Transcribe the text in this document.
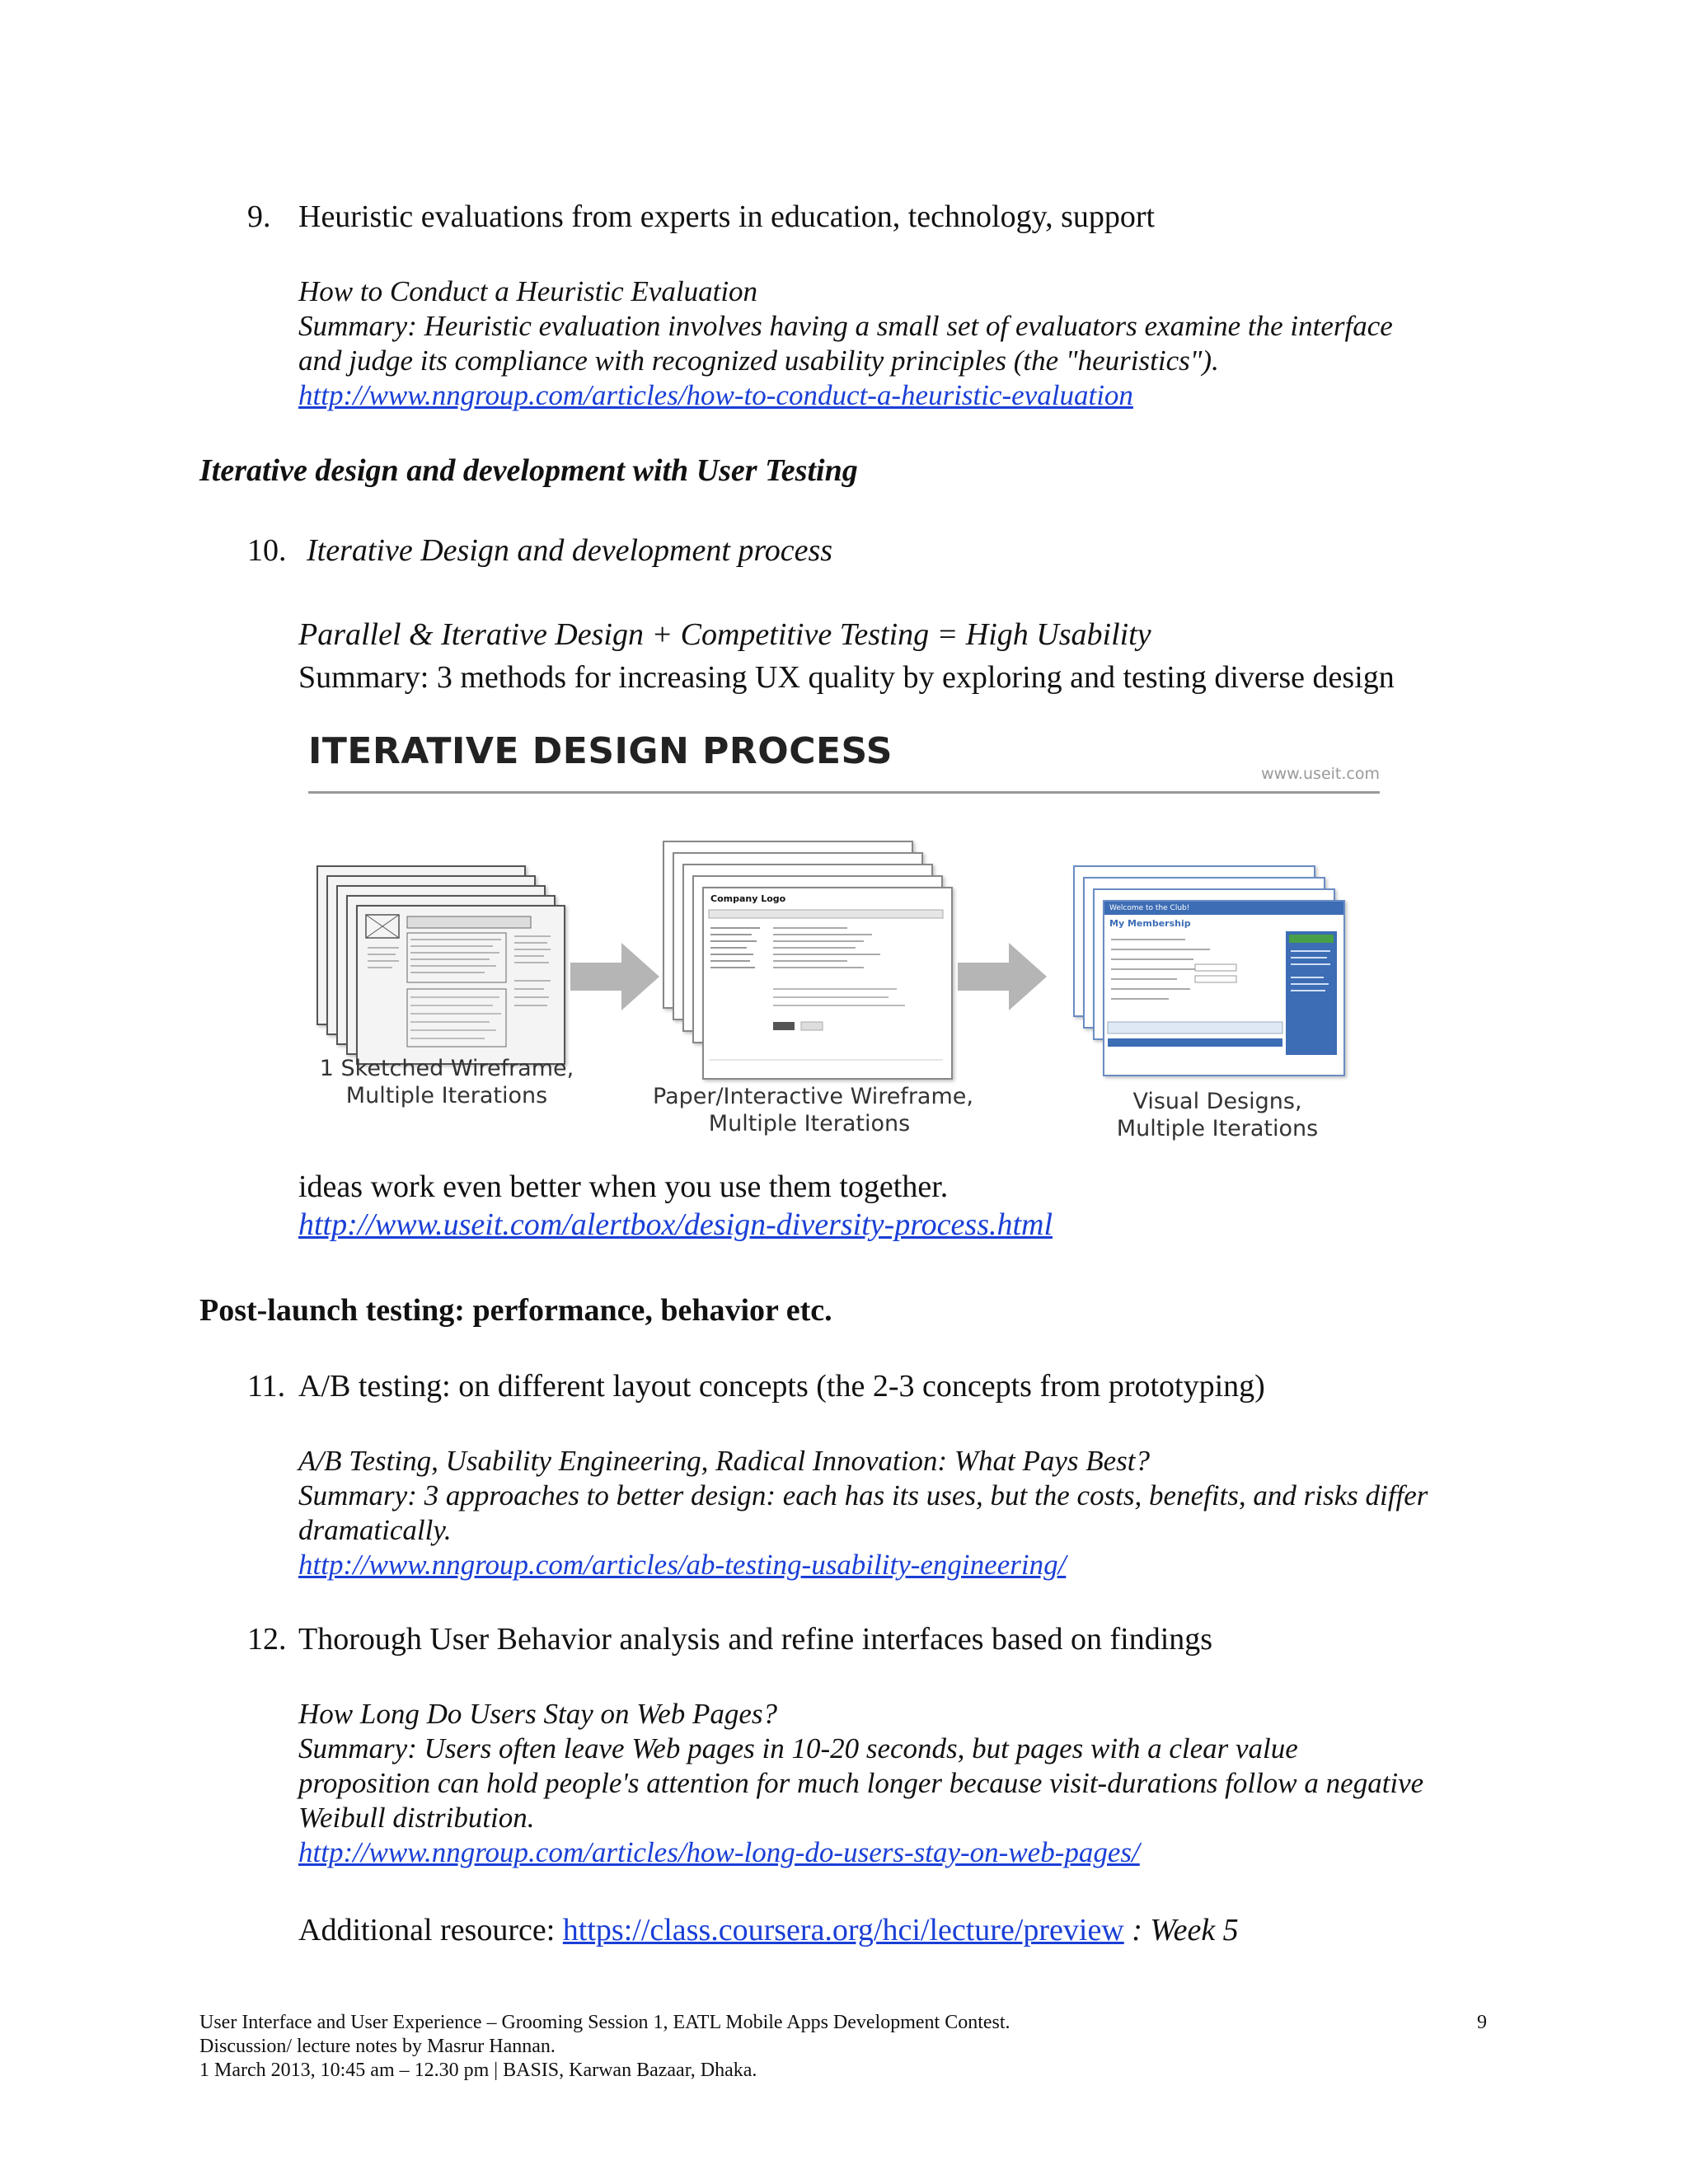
9. Heuristic evaluations from experts in education, technology, support
How to Conduct a Heuristic Evaluation
Summary: Heuristic evaluation involves having a small set of evaluators examine the interface
and judge its compliance with recognized usability principles (the "heuristics").
http://www.nngroup.com/articles/how-to-conduct-a-heuristic-evaluation
Iterative design and development with User Testing
10. Iterative Design and development process
Parallel & Iterative Design + Competitive Testing = High Usability
Summary: 3 methods for increasing UX quality by exploring and testing diverse design
ITERATIVE DESIGN PROCESS
www.useit.com
Company Logo
Welcome to the Club!
My Membership
1 Sketched Wireframe,
Multiple Iterations	Paper/Interactive Wireframe,
Multiple Iterations
Visual Designs,
Multiple Iterations
ideas work even better when you use them together.
http://www.useit.com/alertbox/design-diversity-process.html
Post-launch testing: performance, behavior etc.
11. A/B testing: on different layout concepts (the 2-3 concepts from prototyping)
A/B Testing, Usability Engineering, Radical Innovation: What Pays Best?
Summary: 3 approaches to better design: each has its uses, but the costs, benefits, and risks differ
dramatically.
http://www.nngroup.com/articles/ab-testing-usability-engineering/
12. Thorough User Behavior analysis and refine interfaces based on findings
How Long Do Users Stay on Web Pages?
Summary: Users often leave Web pages in 10-20 seconds, but pages with a clear value
proposition can hold people's attention for much longer because visit-durations follow a negative
Weibull distribution.
http://www.nngroup.com/articles/how-long-do-users-stay-on-web-pages/
Additional resource: https://class.coursera.org/hci/lecture/preview : Week 5
User Interface and User Experience – Grooming Session 1, EATL Mobile Apps Development Contest.
Discussion/ lecture notes by Masrur Hannan.
1 March 2013, 10:45 am – 12.30 pm | BASIS, Karwan Bazaar, Dhaka.
9
